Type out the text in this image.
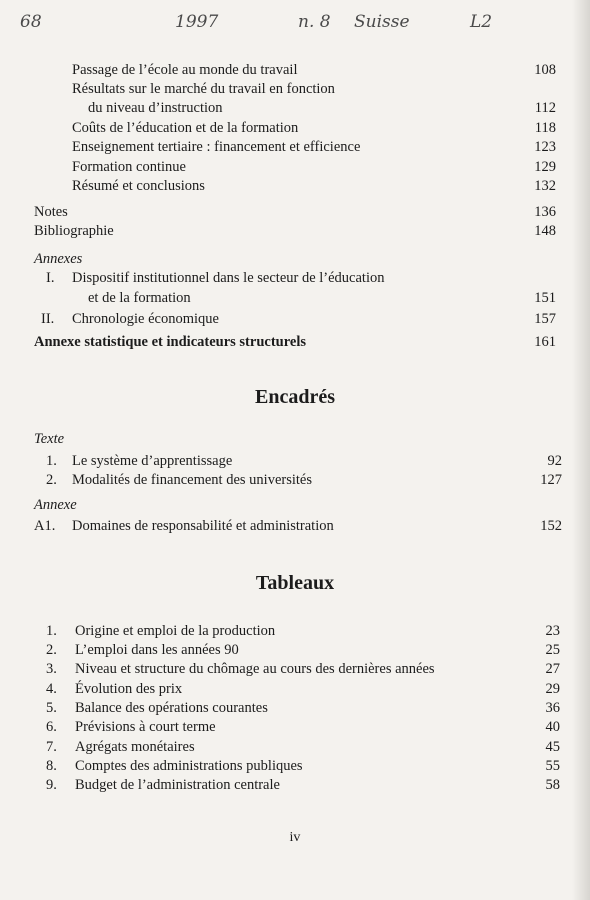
68	1997	n. 8 Suisse	L2
Passage de l’école au monde du travail	108
Résultats sur le marché du travail en fonction
du niveau d’instruction	112
Coûts de l’éducation et de la formation	118
Enseignement tertiaire : financement et efficience	123
Formation continue	129
Résumé et conclusions	132
Notes	136
Bibliographie	148
Annexes
I. Dispositif institutionnel dans le secteur de l’éducation
et de la formation	151
II. Chronologie économique	157
Annexe statistique et indicateurs structurels	161
Encadrés
Texte
1. Le système d’apprentissage	92
2. Modalités de financement des universités	127
Annexe
A1. Domaines de responsabilité et administration	152
Tableaux
1. Origine et emploi de la production	23
2. L’emploi dans les années 90	25
3. Niveau et structure du chômage au cours des dernières années	27
4. Évolution des prix	29
5. Balance des opérations courantes	36
6. Prévisions à court terme	40
7. Agrégats monétaires	45
8. Comptes des administrations publiques	55
9. Budget de l’administration centrale	58
iv
